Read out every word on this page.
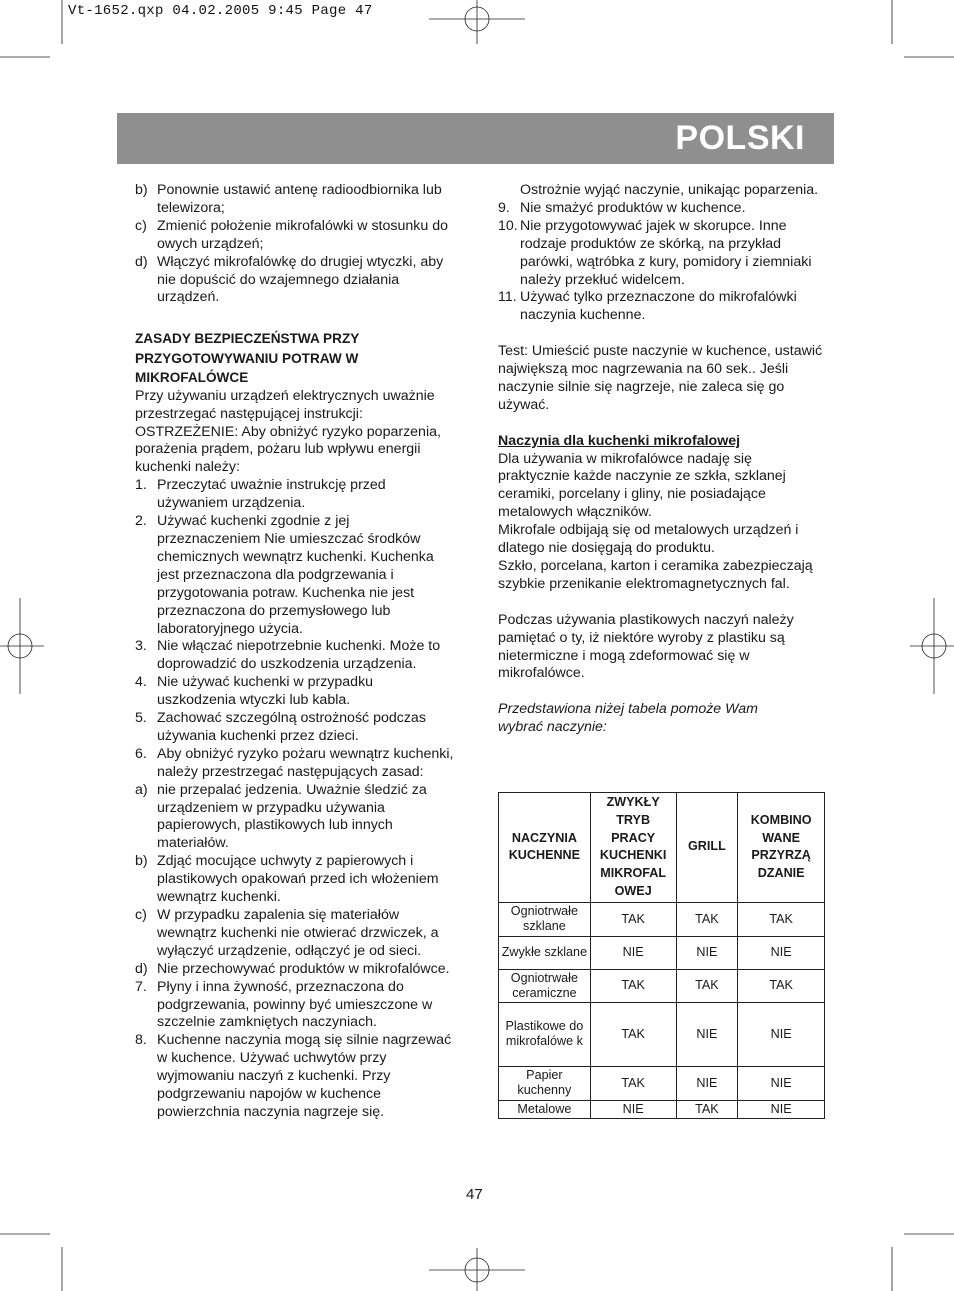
Vt-1652.qxp 04.02.2005 9:45 Page 47
POLSKI
b) Ponownie ustawić antenę radioodbiornika lub telewizora;
c) Zmienić położenie mikrofalówki w stosunku do owych urządzeń;
d) Włączyć mikrofalówkę do drugiej wtyczki, aby nie dopuścić do wzajemnego działania urządzeń.
ZASADY BEZPIECZEŃSTWA PRZY PRZYGOTOWYWANIU POTRAW W MIKROFALÓWCE
Przy używaniu urządzeń elektrycznych uważnie przestrzegać następującej instrukcji: OSTRZEŻENIE: Aby obniżyć ryzyko poparzenia, porażenia prądem, pożaru lub wpływu energii kuchenki należy:
1. Przeczytać uważnie instrukcję przed używaniem urządzenia.
2. Używać kuchenki zgodnie z jej przeznaczeniem Nie umieszczać środków chemicznych wewnątrz kuchenki. Kuchenka jest przeznaczona dla podgrzewania i przygotowania potraw. Kuchenka nie jest przeznaczona do przemysłowego lub laboratoryjnego użycia.
3. Nie włączać niepotrzebnie kuchenki. Może to doprowadzić do uszkodzenia urządzenia.
4. Nie używać kuchenki w przypadku uszkodzenia wtyczki lub kabla.
5. Zachować szczególną ostrożność podczas używania kuchenki przez dzieci.
6. Aby obniżyć ryzyko pożaru wewnątrz kuchenki, należy przestrzegać następujących zasad:
a) nie przepalać jedzenia. Uważnie śledzić za urządzeniem w przypadku używania papierowych, plastikowych lub innych materiałów.
b) Zdjąć mocujące uchwyty z papierowych i plastikowych opakowań przed ich włożeniem wewnątrz kuchenki.
c) W przypadku zapalenia się materiałów wewnątrz kuchenki nie otwierać drzwiczek, a wyłączyć urządzenie, odłączyć je od sieci.
d) Nie przechowywać produktów w mikrofalówce.
7. Płyny i inna żywność, przeznaczona do podgrzewania, powinny być umieszczone w szczelnie zamkniętych naczyniach.
8. Kuchenne naczynia mogą się silnie nagrzewać w kuchence. Używać uchwytów przy wyjmowaniu naczyń z kuchenki. Przy podgrzewaniu napojów w kuchence powierzchnia naczynia nagrzeje się.
Ostrożnie wyjąć naczynie, unikając poparzenia.
9. Nie smażyć produktów w kuchence.
10. Nie przygotowywać jajek w skorupce. Inne rodzaje produktów ze skórką, na przykład parówki, wątróbka z kury, pomidory i ziemniaki należy przekłuć widelcem.
11. Używać tylko przeznaczone do mikrofalówki naczynia kuchenne.
Test: Umieścić puste naczynie w kuchence, ustawić największą moc nagrzewania na 60 sek.. Jeśli naczynie silnie się nagrzeje, nie zaleca się go używać.
Naczynia dla kuchenki mikrofalowej
Dla używania w mikrofalówce nadaję się praktycznie każde naczynie ze szkła, szklanej ceramiki, porcelany i gliny, nie posiadające metalowych włączników.
Mikrofale odbijają się od metalowych urządzeń i dlatego nie dosięgają do produktu.
Szkło, porcelana, karton i ceramika zabezpieczają szybkie przenikanie elektromagnetycznych fal.
Podczas używania plastikowych naczyń należy pamiętać o ty, iż niektóre wyroby z plastiku są nietermiczne i mogą zdeformować się w mikrofalówce.
Przedstawiona niżej tabela pomoże Wam wybrać naczynie:
NACZYNIA KUCHENNE	ZWYKŁY TRYB PRACY KUCHENKI MIKROFAL OWEJ	GRILL	KOMBINO WANE PRZYRZĄ DZANIE
Ogniotrwałe szklane	TAK	TAK	TAK
Zwykłe szklane	NIE	NIE	NIE
Ogniotrwałe ceramiczne	TAK	TAK	TAK
Plastikowe do mikrofalówe k	TAK	NIE	NIE
Papier kuchenny	TAK	NIE	NIE
Metalowe	NIE	TAK	NIE
47
